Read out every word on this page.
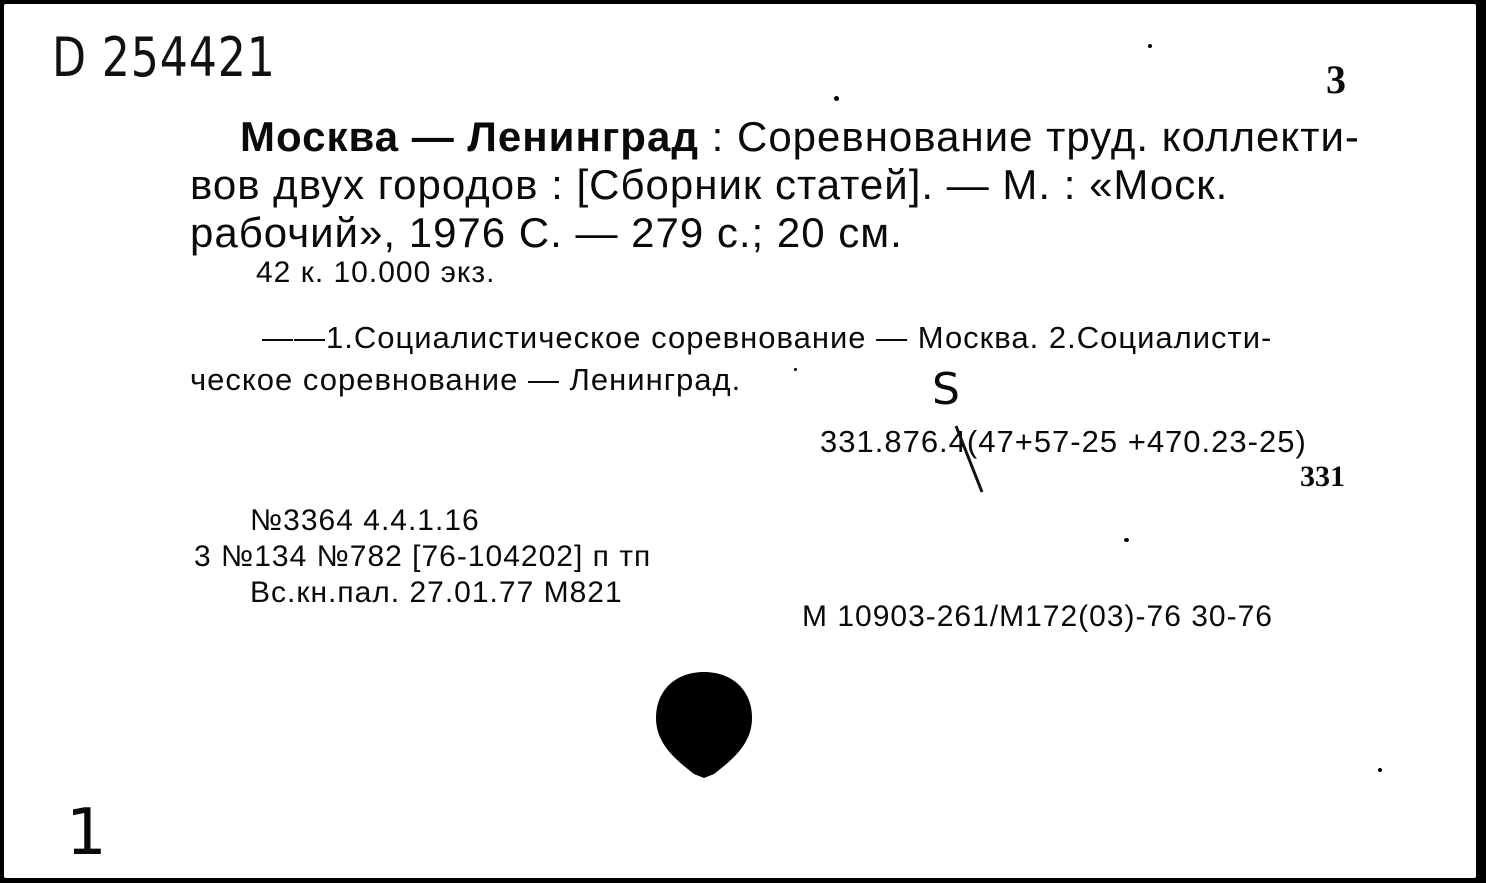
D 254421	3
Москва — Ленинград : Соревнование труд. коллекти-
вов двух городов : [Сборник статей]. — М. : «Моск.
рабочий», 1976 С. — 279 с.; 20 см.
42 к. 10.000 экз.
——1.Социалистическое соревнование — Москва. 2.Социалисти-
ческое соревнование — Ленинград.	S
331.876.4(47+57-25 +470.23-25)
331
№3364 4.4.1.16
3 №134 №782 [76-104202] п тп
Вс.кн.пал. 27.01.77 М821
М 10903-261/М172(03)-76 30-76
1
